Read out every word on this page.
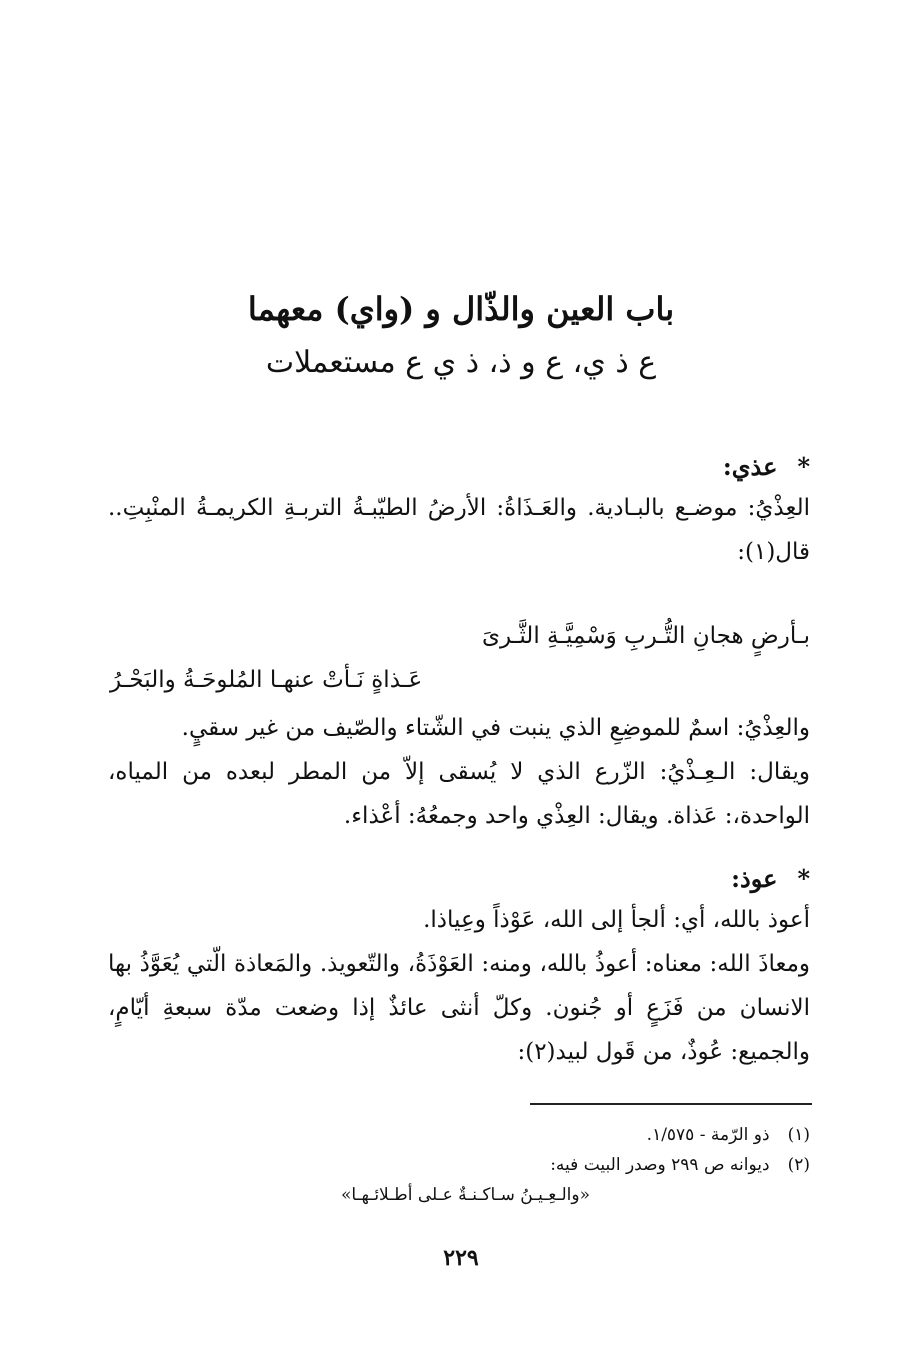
باب العين والذّال و (واي) معهما
ع ذ ي، ع و ذ، ذ ي ع مستعملات
*عذي:

العِذْيُ: موضـع بالبـادية. والعَـذَاةُ: الأرضُ الطيّبـةُ التربـةِ الكريمـةُ المنْبِتِ.. قال(١):

بـأرضٍ هجانِ التُّـربِ وَسْمِيَّـةِ الثَّـرىَ
عَـذاةٍ نَـأتْ عنهـا المُلوحَـةُ والبَحْـرُ

والعِذْيُ: اسمٌ للموضِعِ الذي ينبت في الشّتاء والصّيف من غير سقيٍ.

ويقال: الـعِـذْيُ: الزّرع الذي لا يُسقى إلاّ من المطر لبعده من المياه، الواحدة،: عَذاة. ويقال: العِذْي واحد وجمعُهُ: أعْذاء.

*عوذ:

أعوذ بالله، أي: ألجأ إلى الله، عَوْذاً وعِياذا.

ومعاذَ الله: معناه: أعوذُ بالله، ومنه: العَوْذَةُ، والتّعويذ. والمَعاذة الّتي يُعَوَّذُ بها الانسان من فَزَعٍ أو جُنون. وكلّ أنثى عائذٌ إذا وضعت مدّة سبعةِ أيّامٍ، والجميع: عُوذٌ، من قَول لبيد(٢):

(١)ذو الرّمة - ١/٥٧٥.
(٢)ديوانه ص ٢٩٩ وصدر البيت فيه:
«والـعِـيـنُ سـاكـنـةٌ عـلى أطـلائـهـا»
٢٢٩
